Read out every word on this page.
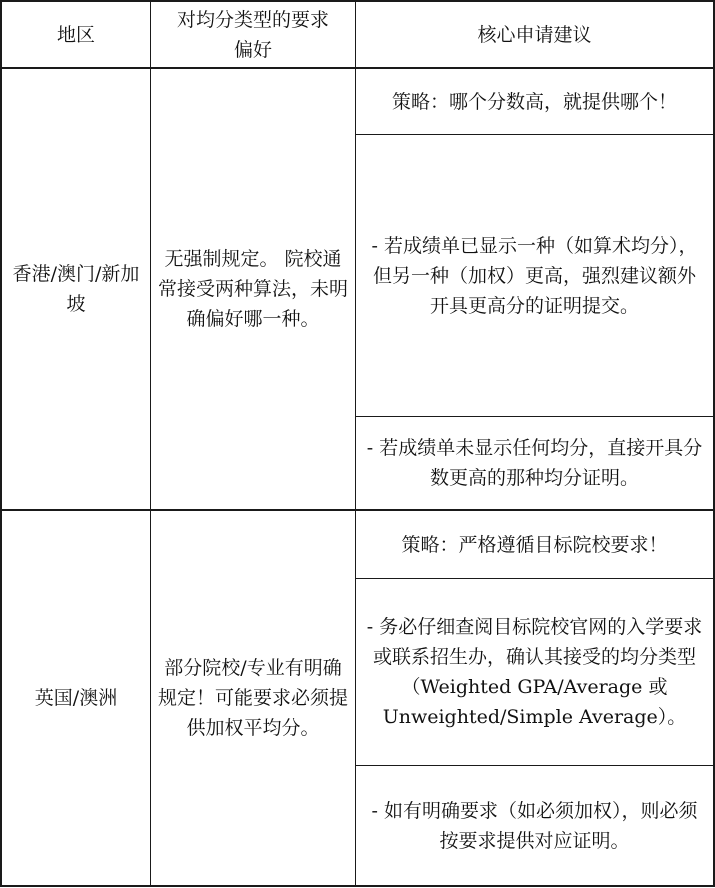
地区
对均分类型的要求偏好
核心申请建议
香港/澳门/新加坡
无强制规定。 院校通常接受两种算法，未明确偏好哪一种。
策略：哪个分数高，就提供哪个！
- 若成绩单已显示一种（如算术均分），但另一种（加权）更高，强烈建议额外开具更高分的证明提交。
- 若成绩单未显示任何均分，直接开具分数更高的那种均分证明。
英国/澳洲
部分院校/专业有明确规定！可能要求必须提供加权平均分。
策略：严格遵循目标院校要求！
- 务必仔细查阅目标院校官网的入学要求或联系招生办，确认其接受的均分类型（Weighted GPA/Average 或 Unweighted/Simple Average）。
- 如有明确要求（如必须加权），则必须按要求提供对应证明。
